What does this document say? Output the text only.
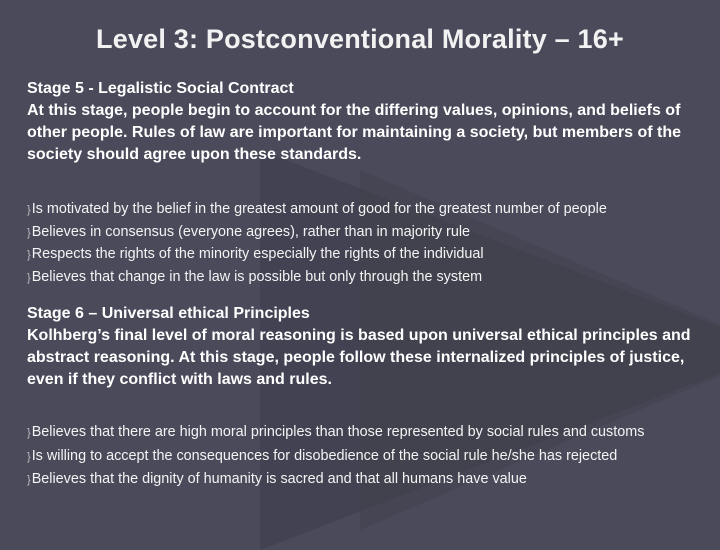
Level 3: Postconventional Morality – 16+
Stage 5 - Legalistic Social Contract
At this stage, people begin to account for the differing values, opinions, and beliefs of other people. Rules of law are important for maintaining a society, but members of the society should agree upon these standards.
}Is motivated by the belief in the greatest amount of good for the greatest number of people
}Believes in consensus (everyone agrees), rather than in majority rule
}Respects the rights of the minority especially the rights of the individual
}Believes that change in the law is possible but only through the system
Stage 6 – Universal ethical Principles
Kolhberg’s final level of moral reasoning is based upon universal ethical principles and abstract reasoning. At this stage, people follow these internalized principles of justice, even if they conflict with laws and rules.
}Believes that there are high moral principles than those represented by social rules and customs
}Is willing to accept the consequences for disobedience of the social rule he/she has rejected
}Believes that the dignity of humanity is sacred and that all humans have value
